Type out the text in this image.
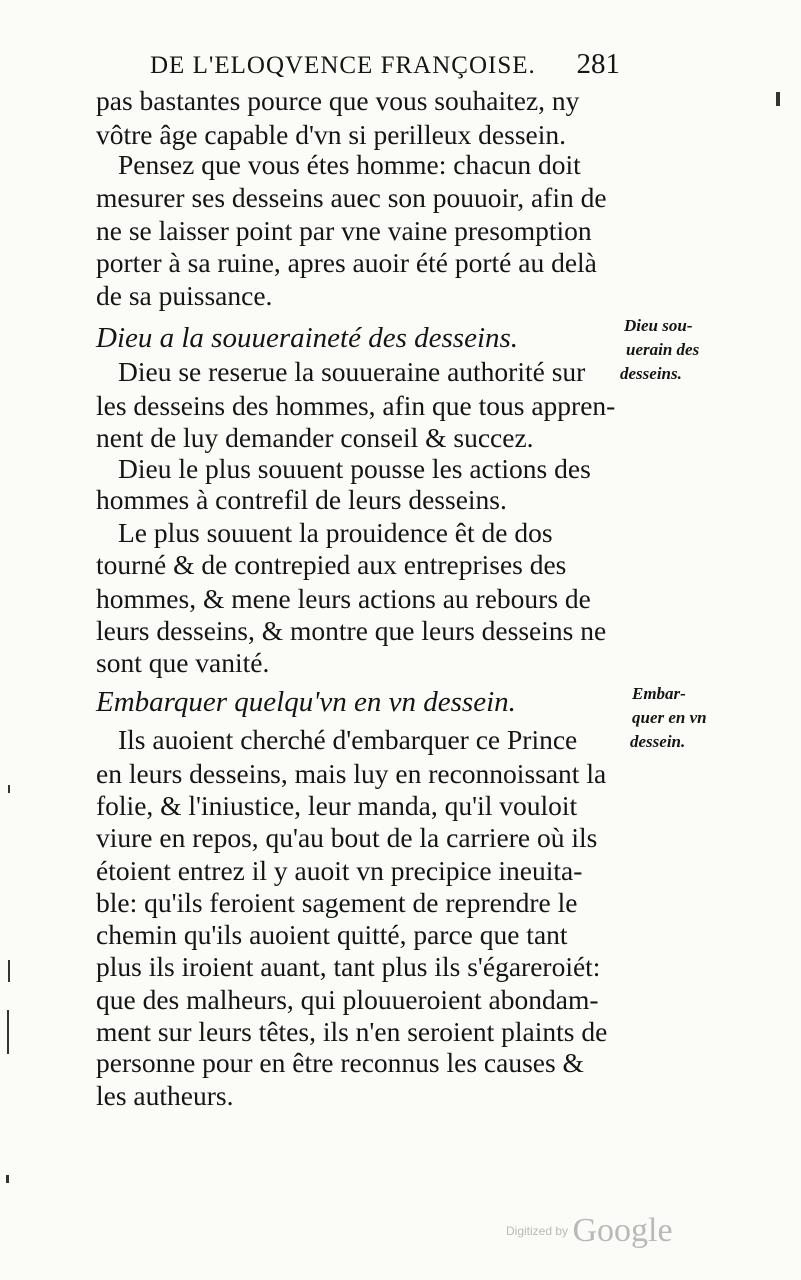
DE L'ELOQVENCE FRANÇOISE. 281
pas bastantes pource que vous souhaitez, ny
vôtre âge capable d'vn si perilleux dessein.
Pensez que vous étes homme: chacun doit
mesurer ses desseins auec son pouuoir, afin de
ne se laisser point par vne vaine presomption
porter à sa ruine, apres auoir été porté au delà
de sa puissance.
Dieu a la souueraineté des desseins.
Dieu se reserue la souueraine authorité sur
les desseins des hommes, afin que tous appren-
nent de luy demander conseil & succez.
Dieu le plus souuent pousse les actions des
hommes à contrefil de leurs desseins.
Le plus souuent la prouidence êt de dos
tourné & de contrepied aux entreprises des
hommes, & mene leurs actions au rebours de
leurs desseins, & montre que leurs desseins ne
sont que vanité.
Embarquer quelqu'vn en vn dessein.
Ils auoient cherché d'embarquer ce Prince
en leurs desseins, mais luy en reconnoissant la
folie, & l'iniustice, leur manda, qu'il vouloit
viure en repos, qu'au bout de la carriere où ils
étoient entrez il y auoit vn precipice ineuita-
ble: qu'ils feroient sagement de reprendre le
chemin qu'ils auoient quitté, parce que tant
plus ils iroient auant, tant plus ils s'égareroiét:
que des malheurs, qui plouueroient abondam-
ment sur leurs têtes, ils n'en seroient plaints de
personne pour en être reconnus les causes &
les autheurs.
Dieu sou-
uerain des
desseins.
Embar-
quer en vn
dessein.
Digitized by Google
